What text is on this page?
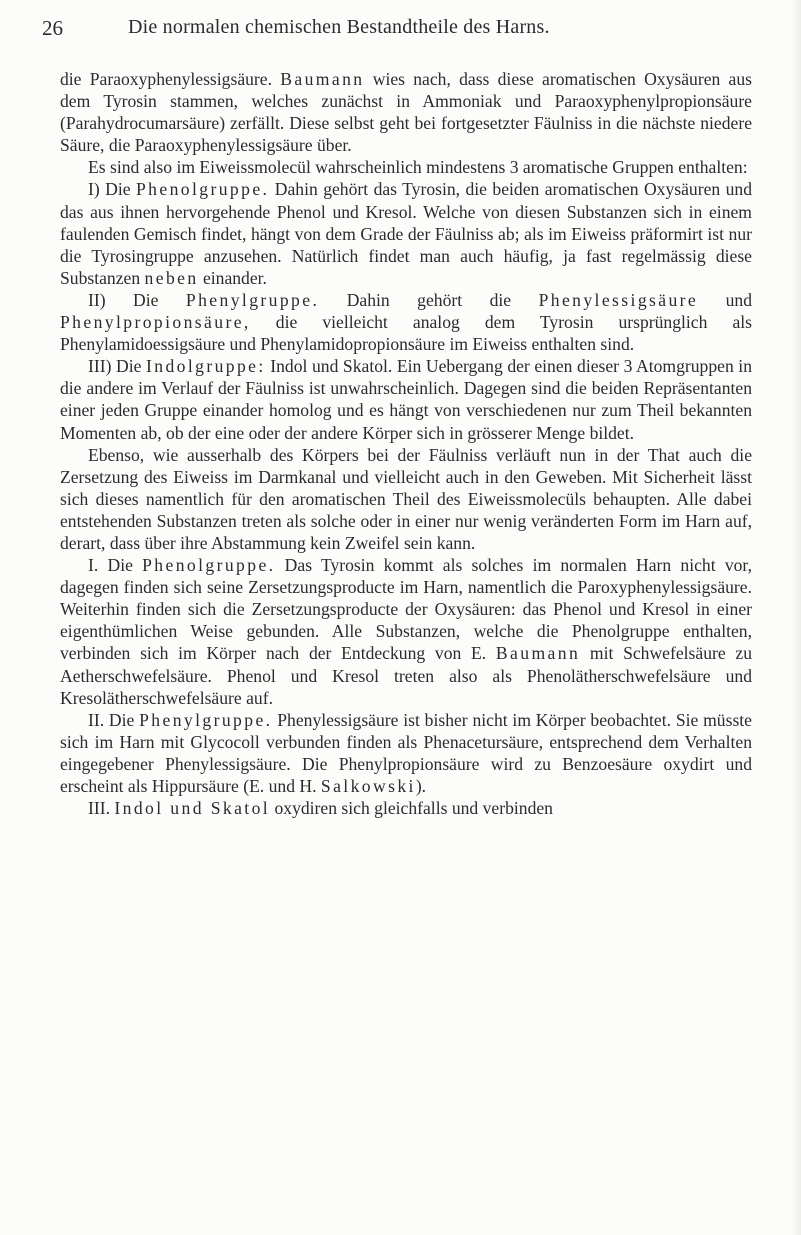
26	Die normalen chemischen Bestandtheile des Harns.

die Paraoxyphenylessigsäure. Baumann wies nach, dass diese aromatischen Oxysäuren aus dem Tyrosin stammen, welches zunächst in Ammoniak und Paraoxyphenylpropionsäure (Parahydrocumarsäure) zerfällt. Diese selbst geht bei fortgesetzter Fäulniss in die nächste niedere Säure, die Paraoxyphenylessigsäure über.

Es sind also im Eiweissmolecül wahrscheinlich mindestens 3 aromatische Gruppen enthalten:

I) Die Phenolgruppe. Dahin gehört das Tyrosin, die beiden aromatischen Oxysäuren und das aus ihnen hervorgehende Phenol und Kresol. Welche von diesen Substanzen sich in einem faulenden Gemisch findet, hängt von dem Grade der Fäulniss ab; als im Eiweiss präformirt ist nur die Tyrosingruppe anzusehen. Natürlich findet man auch häufig, ja fast regelmässig diese Substanzen neben einander.

II) Die Phenylgruppe. Dahin gehört die Phenylessigsäure und Phenylpropionsäure, die vielleicht analog dem Tyrosin ursprünglich als Phenylamidoessigsäure und Phenylamidopropionsäure im Eiweiss enthalten sind.

III) Die Indolgruppe: Indol und Skatol. Ein Uebergang der einen dieser 3 Atomgruppen in die andere im Verlauf der Fäulniss ist unwahrscheinlich. Dagegen sind die beiden Repräsentanten einer jeden Gruppe einander homolog und es hängt von verschiedenen nur zum Theil bekannten Momenten ab, ob der eine oder der andere Körper sich in grösserer Menge bildet.

Ebenso, wie ausserhalb des Körpers bei der Fäulniss verläuft nun in der That auch die Zersetzung des Eiweiss im Darmkanal und vielleicht auch in den Geweben. Mit Sicherheit lässt sich dieses namentlich für den aromatischen Theil des Eiweissmolecüls behaupten. Alle dabei entstehenden Substanzen treten als solche oder in einer nur wenig veränderten Form im Harn auf, derart, dass über ihre Abstammung kein Zweifel sein kann.

I. Die Phenolgruppe. Das Tyrosin kommt als solches im normalen Harn nicht vor, dagegen finden sich seine Zersetzungsproducte im Harn, namentlich die Paroxyphenylessigsäure. Weiterhin finden sich die Zersetzungsproducte der Oxysäuren: das Phenol und Kresol in einer eigenthümlichen Weise gebunden. Alle Substanzen, welche die Phenolgruppe enthalten, verbinden sich im Körper nach der Entdeckung von E. Baumann mit Schwefelsäure zu Aetherschwefelsäure. Phenol und Kresol treten also als Phenolätherschwefelsäure und Kresolätherschwefelsäure auf.

II. Die Phenylgruppe. Phenylessigsäure ist bisher nicht im Körper beobachtet. Sie müsste sich im Harn mit Glycocoll verbunden finden als Phenacetursäure, entsprechend dem Verhalten eingegebener Phenylessigsäure. Die Phenylpropionsäure wird zu Benzoesäure oxydirt und erscheint als Hippursäure (E. und H. Salkowski).

III. Indol und Skatol oxydiren sich gleichfalls und verbinden
